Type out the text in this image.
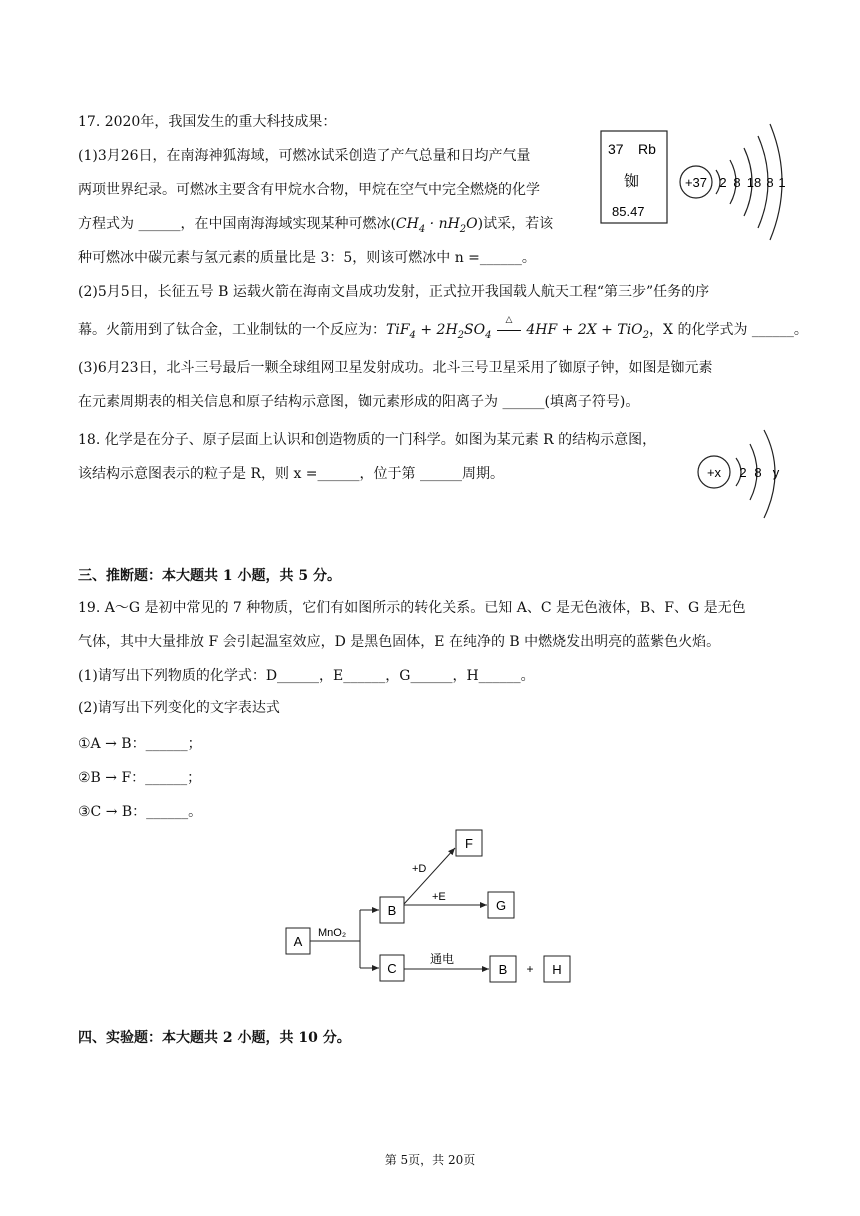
17. 2020年，我国发生的重大科技成果：
(1)3月26日，在南海神狐海域，可燃冰试采创造了产气总量和日均产气量
两项世界纪录。可燃冰主要含有甲烷水合物，甲烷在空气中完全燃烧的化学
方程式为 ______，在中国南海海域实现某种可燃冰$(CH_4 \cdot nH_2O)$试采，若该
种可燃冰中碳元素与氢元素的质量比是 3：5，则该可燃冰中 n =______。
(2)5月5日，长征五号 B 运载火箭在海南文昌成功发射，正式拉开我国载人航天工程“第三步”任务的序
幕。火箭用到了钛合金，工业制钛的一个反应为：$TiF_4 + 2H_2SO_4$
△
4HF + 2X + TiO$_2$，X 的化学式为 ______。
(3)6月23日，北斗三号最后一颗全球组网卫星发射成功。北斗三号卫星采用了铷原子钟，如图是铷元素
在元素周期表的相关信息和原子结构示意图，铷元素形成的阳离子为 ______(填离子符号)。
37 Rb
铷
85.47
+37 2 8 18 8 1
18. 化学是在分子、原子层面上认识和创造物质的一门科学。如图为某元素 R 的结构示意图，
该结构示意图表示的粒子是 R，则 x =______，位于第 ______周期。	+x 2 8 y
三、推断题：本大题共 1 小题，共 5 分。
19. A～G 是初中常见的 7 种物质，它们有如图所示的转化关系。已知 A、C 是无色液体，B、F、G 是无色
气体，其中大量排放 F 会引起温室效应，D 是黑色固体，E 在纯净的 B 中燃烧发出明亮的蓝紫色火焰。
(1)请写出下列物质的化学式：D______，E______，G______，H______。
(2)请写出下列变化的文字表达式
①A → B：______；
②B → F：______；
③C → B：______。
A
B
C
F
G
B	H
MnO₂
+D
+E
通电
+
四、实验题：本大题共 2 小题，共 10 分。
第 5页，共 20页
